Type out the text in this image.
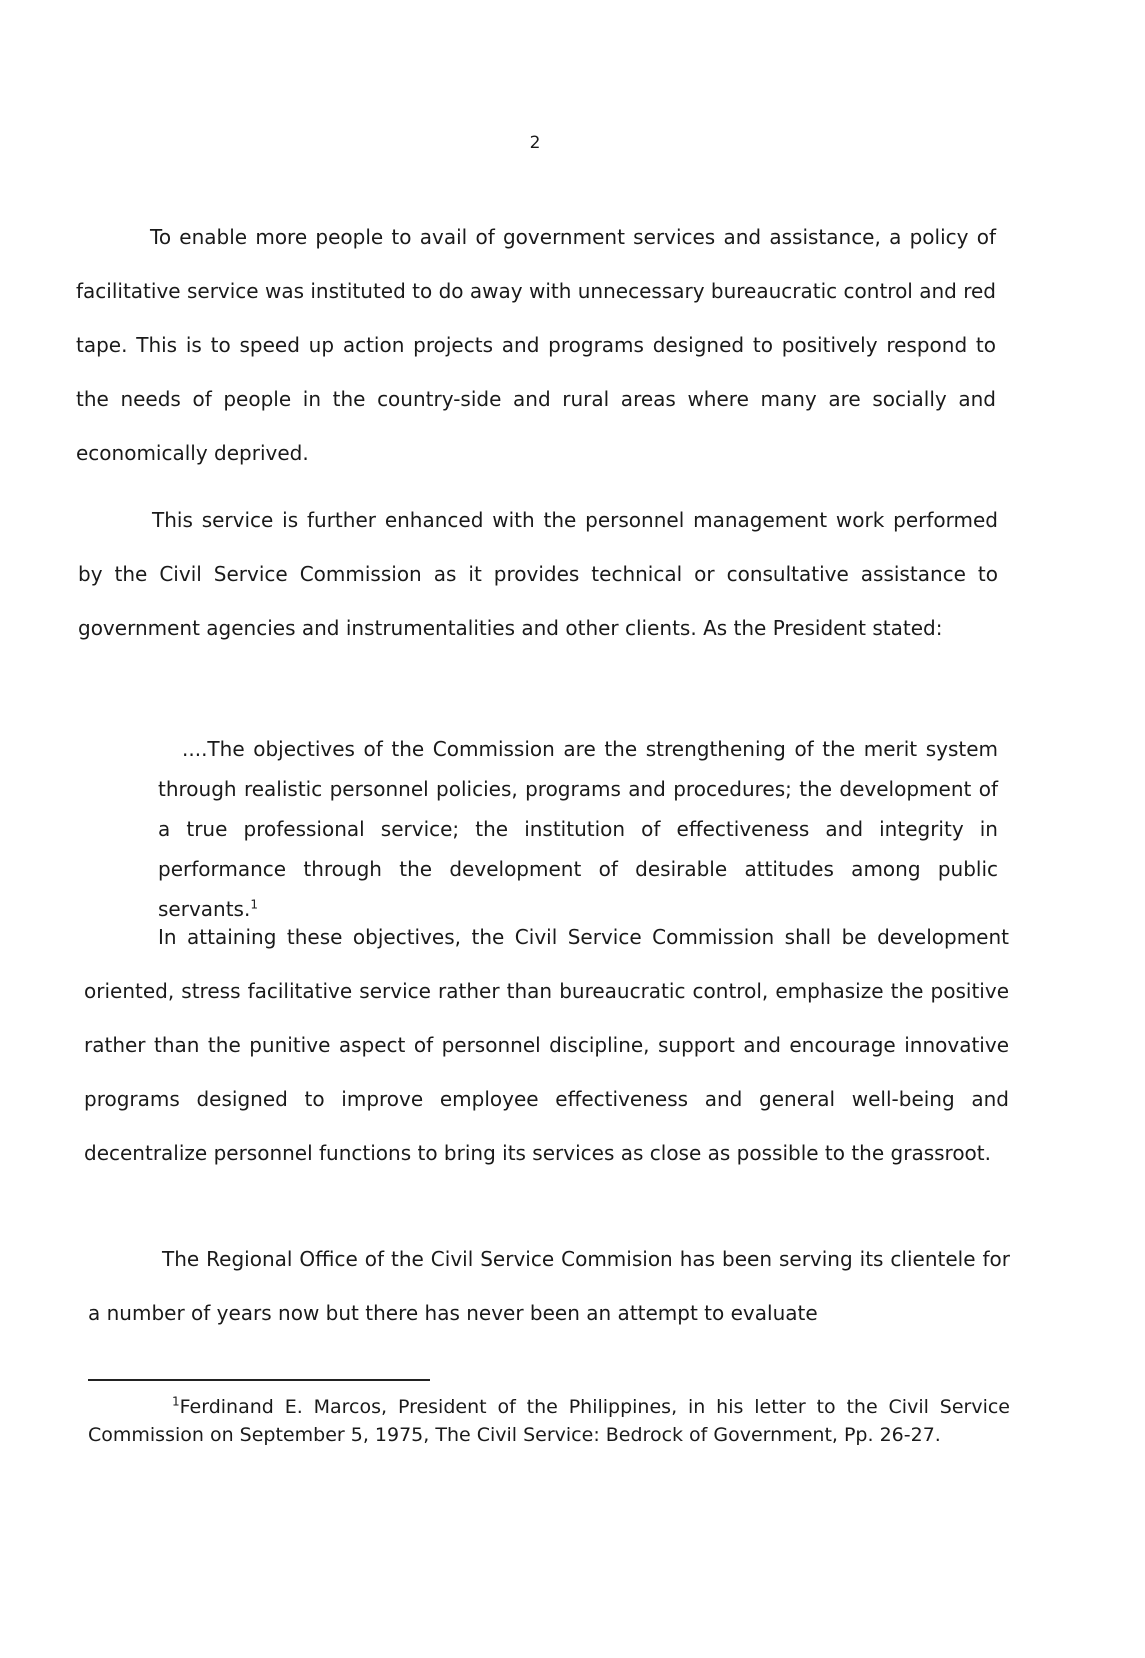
2

To enable more people to avail of government services and assistance, a policy of facilitative service was instituted to do away with unnecessary bureaucratic control and red tape. This is to speed up action projects and programs designed to positively respond to the needs of people in the country-side and rural areas where many are socially and economically deprived.

This service is further enhanced with the personnel management work performed by the Civil Service Commission as it provides technical or consultative assistance to government agencies and instrumentalities and other clients. As the President stated:

....The objectives of the Commission are the strengthening of the merit system through realistic personnel policies, programs and procedures; the development of a true professional service; the institution of effectiveness and integrity in performance through the development of desirable attitudes among public servants.$^1$

In attaining these objectives, the Civil Service Commission shall be development oriented, stress facilitative service rather than bureaucratic control, emphasize the positive rather than the punitive aspect of personnel discipline, support and encourage innovative programs designed to improve employee effectiveness and general well-being and decentralize personnel functions to bring its services as close as possible to the grassroot.

The Regional Office of the Civil Service Commision has been serving its clientele for a number of years now but there has never been an attempt to evaluate

$^1$Ferdinand E. Marcos, President of the Philippines, in his letter to the Civil Service Commission on September 5, 1975, The Civil Service: Bedrock of Government, Pp. 26-27.
